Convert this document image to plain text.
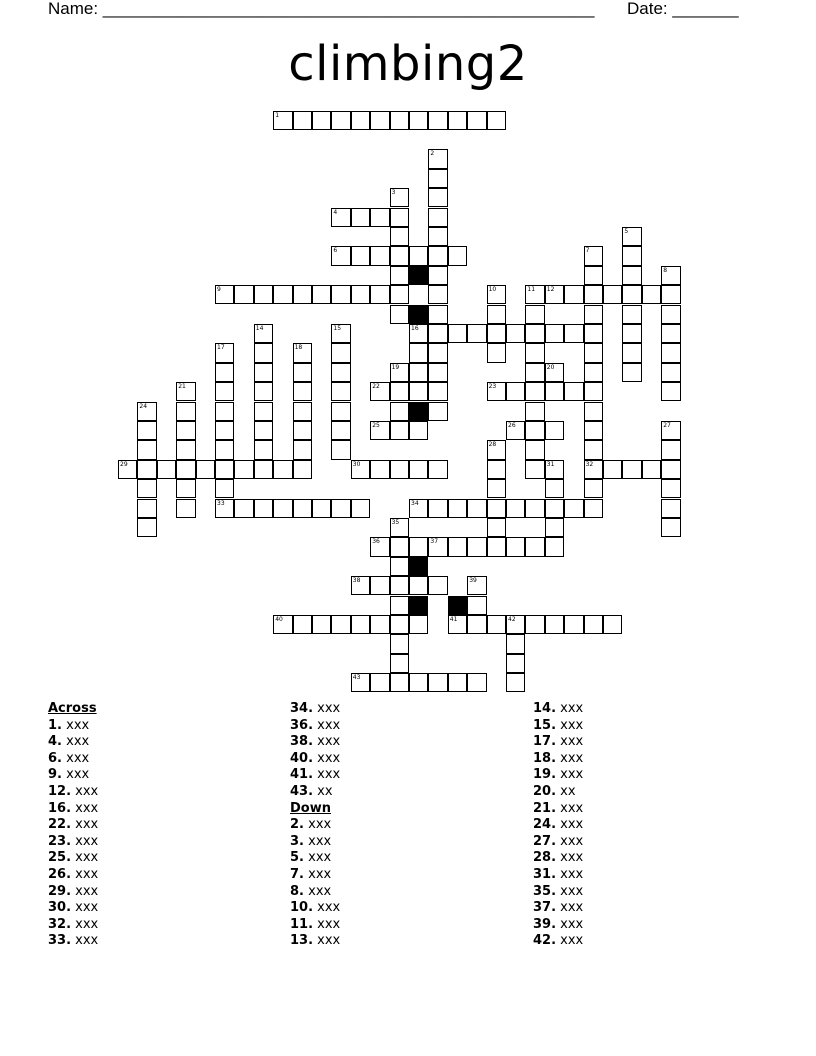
Name: ____________________________________________________ Date: _______
climbing2
1
2
3
4
5
6	7
32
8
9	10	11 12
13
16
14	15
17
33
18
19	20
21	22	23
24
25	26	27
28
29	30	31
34
35
36	37
38	39
40	41	42
43
Across
1. xxx
4. xxx
6. xxx
9. xxx
12. xxx
16. xxx
22. xxx
23. xxx
25. xxx
26. xxx
29. xxx
30. xxx
32. xxx
33. xxx
34. xxx
36. xxx
38. xxx
40. xxx
41. xxx
43. xx
Down
2. xxx
3. xxx
5. xxx
7. xxx
8. xxx
10. xxx
11. xxx
13. xxx
14. xxx
15. xxx
17. xxx
18. xxx
19. xxx
20. xx
21. xxx
24. xxx
27. xxx
28. xxx
31. xxx
35. xxx
37. xxx
39. xxx
42. xxx
